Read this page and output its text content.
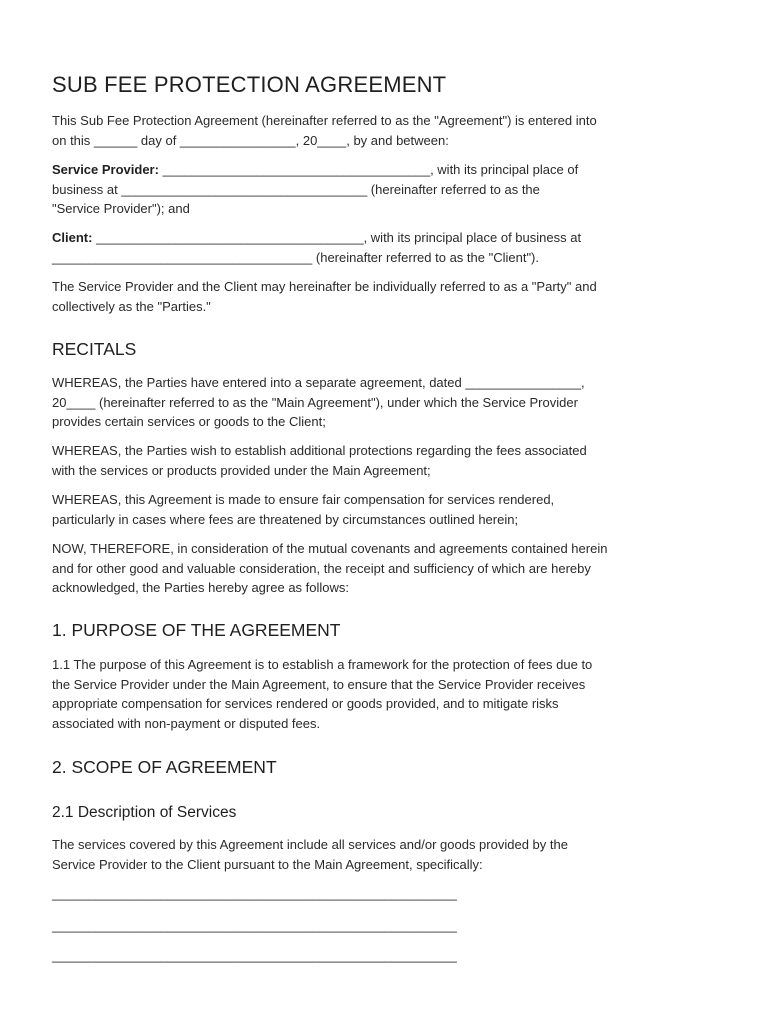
SUB FEE PROTECTION AGREEMENT

This Sub Fee Protection Agreement (hereinafter referred to as the "Agreement") is entered into
on this ______ day of ________________, 20____, by and between:

Service Provider: _____________________________________, with its principal place of
business at __________________________________ (hereinafter referred to as the
"Service Provider"); and

Client: _____________________________________, with its principal place of business at
____________________________________ (hereinafter referred to as the "Client").

The Service Provider and the Client may hereinafter be individually referred to as a "Party" and
collectively as the "Parties."

RECITALS

WHEREAS, the Parties have entered into a separate agreement, dated ________________,
20____ (hereinafter referred to as the "Main Agreement"), under which the Service Provider
provides certain services or goods to the Client;

WHEREAS, the Parties wish to establish additional protections regarding the fees associated
with the services or products provided under the Main Agreement;

WHEREAS, this Agreement is made to ensure fair compensation for services rendered,
particularly in cases where fees are threatened by circumstances outlined herein;

NOW, THEREFORE, in consideration of the mutual covenants and agreements contained herein
and for other good and valuable consideration, the receipt and sufficiency of which are hereby
acknowledged, the Parties hereby agree as follows:

1. PURPOSE OF THE AGREEMENT

1.1 The purpose of this Agreement is to establish a framework for the protection of fees due to
the Service Provider under the Main Agreement, to ensure that the Service Provider receives
appropriate compensation for services rendered or goods provided, and to mitigate risks
associated with non-payment or disputed fees.

2. SCOPE OF AGREEMENT
2.1 Description of Services

The services covered by this Agreement include all services and/or goods provided by the
Service Provider to the Client pursuant to the Main Agreement, specifically:

________________________________________________________
________________________________________________________
________________________________________________________
